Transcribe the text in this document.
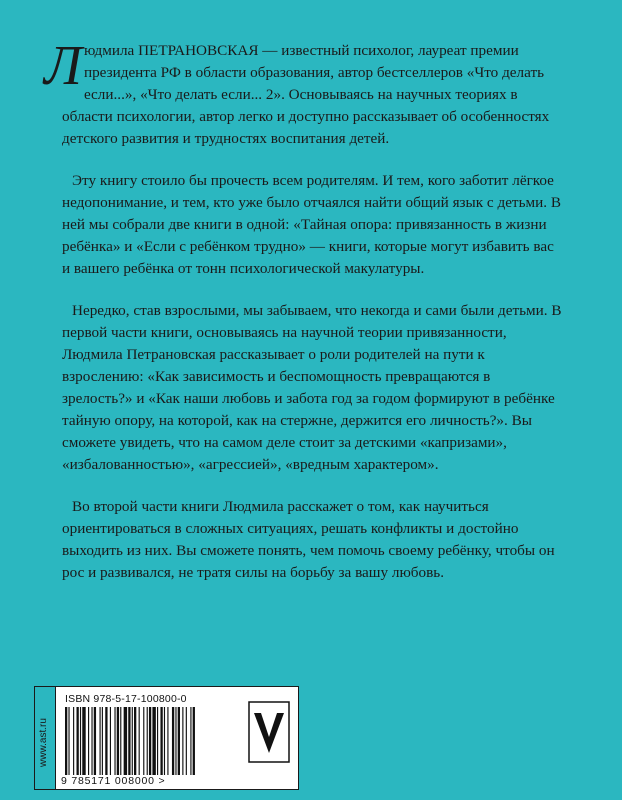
Людмила ПЕТРАНОВСКАЯ — известный психолог, лауреат премии президента РФ в области образования, автор бестселлеров «Что делать если...», «Что делать если... 2». Основываясь на научных теориях в области психологии, автор легко и доступно рассказывает об особенностях детского развития и трудностях воспитания детей.

Эту книгу стоило бы прочесть всем родителям. И тем, кого заботит лёгкое недопонимание, и тем, кто уже было отчаялся найти общий язык с детьми. В ней мы собрали две книги в одной: «Тайная опора: привязанность в жизни ребёнка» и «Если с ребёнком трудно» — книги, которые могут избавить вас и вашего ребёнка от тонн психологической макулатуры.

Нередко, став взрослыми, мы забываем, что некогда и сами были детьми. В первой части книги, основываясь на научной теории привязанности, Людмила Петрановская рассказывает о роли родителей на пути к взрослению: «Как зависимость и беспомощность превращаются в зрелость?» и «Как наши любовь и забота год за годом формируют в ребёнке тайную опору, на которой, как на стержне, держится его личность?». Вы сможете увидеть, что на самом деле стоит за детскими «капризами», «избалованностью», «агрессией», «вредным характером».

Во второй части книги Людмила расскажет о том, как научиться ориентироваться в сложных ситуациях, решать конфликты и достойно выходить из них. Вы сможете понять, чем помочь своему ребёнку, чтобы он рос и развивался, не тратя силы на борьбу за вашу любовь.

www.ast.ru
ISBN 978-5-17-100800-0
9 785171 008000 >
